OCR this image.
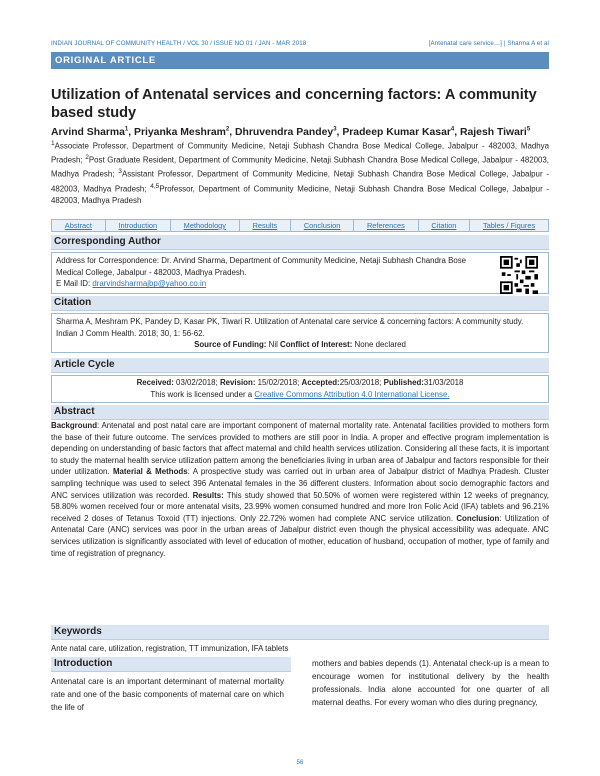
INDIAN JOURNAL OF COMMUNITY HEALTH / VOL 30 / ISSUE NO 01 / JAN - MAR 2018	[Antenatal care service…] | Sharma A et al
ORIGINAL ARTICLE
Utilization of Antenatal services and concerning factors: A community based study
Arvind Sharma$^1$, Priyanka Meshram$^2$, Dhruvendra Pandey$^3$, Pradeep Kumar Kasar$^4$, Rajesh Tiwari$^5$
$^1$Associate Professor, Department of Community Medicine, Netaji Subhash Chandra Bose Medical College, Jabalpur - 482003, Madhya Pradesh; $^2$Post Graduate Resident, Department of Community Medicine, Netaji Subhash Chandra Bose Medical College, Jabalpur - 482003, Madhya Pradesh; $^3$Assistant Professor, Department of Community Medicine, Netaji Subhash Chandra Bose Medical College, Jabalpur - 482003, Madhya Pradesh; $^{4,5}$Professor, Department of Community Medicine, Netaji Subhash Chandra Bose Medical College, Jabalpur - 482003, Madhya Pradesh
Abstract	Introduction	Methodology	Results	Conclusion	References	Citation	Tables / Figures
Corresponding Author
Address for Correspondence: Dr. Arvind Sharma, Department of Community Medicine, Netaji Subhash Chandra Bose Medical College, Jabalpur - 482003, Madhya Pradesh.
E Mail ID: drarvindsharmajbp@yahoo.co.in
Citation
Sharma A, Meshram PK, Pandey D, Kasar PK, Tiwari R. Utilization of Antenatal care service & concerning factors: A community study. Indian J Comm Health. 2018; 30, 1: 56-62.
Source of Funding: Nil Conflict of Interest: None declared
Article Cycle
Received: 03/02/2018; Revision: 15/02/2018; Accepted:25/03/2018; Published:31/03/2018
This work is licensed under a Creative Commons Attribution 4.0 International License.
Abstract
Background: Antenatal and post natal care are important component of maternal mortality rate. Antenatal facilities provided to mothers form the base of their future outcome. The services provided to mothers are still poor in India. A proper and effective program implementation is depending on understanding of basic factors that affect maternal and child health services utilization. Considering all these facts, it is important to study the maternal health service utilization pattern among the beneficiaries living in urban area of Jabalpur and factors responsible for their under utilization. Material & Methods: A prospective study was carried out in urban area of Jabalpur district of Madhya Pradesh. Cluster sampling technique was used to select 396 Antenatal females in the 36 different clusters. Information about socio demographic factors and ANC services utilization was recorded. Results: This study showed that 50.50% of women were registered within 12 weeks of pregnancy, 58.80% women received four or more antenatal visits, 23.99% women consumed hundred and more Iron Folic Acid (IFA) tablets and 96.21% received 2 doses of Tetanus Toxoid (TT) injections. Only 22.72% women had complete ANC service utilization. Conclusion: Utilization of Antenatal Care (ANC) services was poor in the urban areas of Jabalpur district even though the physical accessibility was adequate. ANC services utilization is significantly associated with level of education of mother, education of husband, occupation of mother, type of family and time of registration of pregnancy.
Keywords
Ante natal care, utilization, registration, TT immunization, IFA tablets
Introduction
Antenatal care is an important determinant of maternal mortality rate and one of the basic components of maternal care on which the life of
mothers and babies depends (1). Antenatal check-up is a mean to encourage women for institutional delivery by the health professionals. India alone accounted for one quarter of all maternal deaths. For every woman who dies during pregnancy,
56
